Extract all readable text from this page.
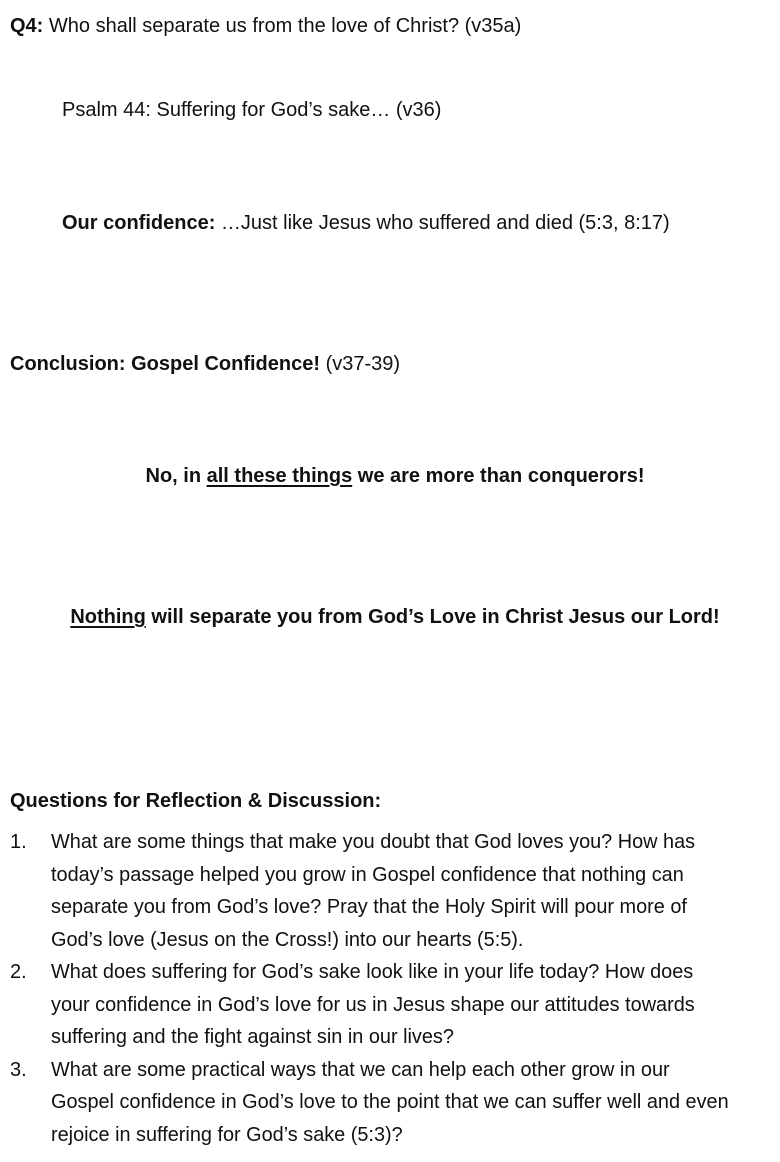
Q4: Who shall separate us from the love of Christ? (v35a)
Psalm 44: Suffering for God’s sake… (v36)
Our confidence: …Just like Jesus who suffered and died (5:3, 8:17)
Conclusion: Gospel Confidence! (v37-39)
No, in all these things we are more than conquerors!
Nothing will separate you from God’s Love in Christ Jesus our Lord!
Questions for Reflection & Discussion:
1. What are some things that make you doubt that God loves you? How has
today’s passage helped you grow in Gospel confidence that nothing can
separate you from God’s love? Pray that the Holy Spirit will pour more of
God’s love (Jesus on the Cross!) into our hearts (5:5).
2. What does suffering for God’s sake look like in your life today? How does
your confidence in God’s love for us in Jesus shape our attitudes towards
suffering and the fight against sin in our lives?
3. What are some practical ways that we can help each other grow in our
Gospel confidence in God’s love to the point that we can suffer well and even
rejoice in suffering for God’s sake (5:3)?
